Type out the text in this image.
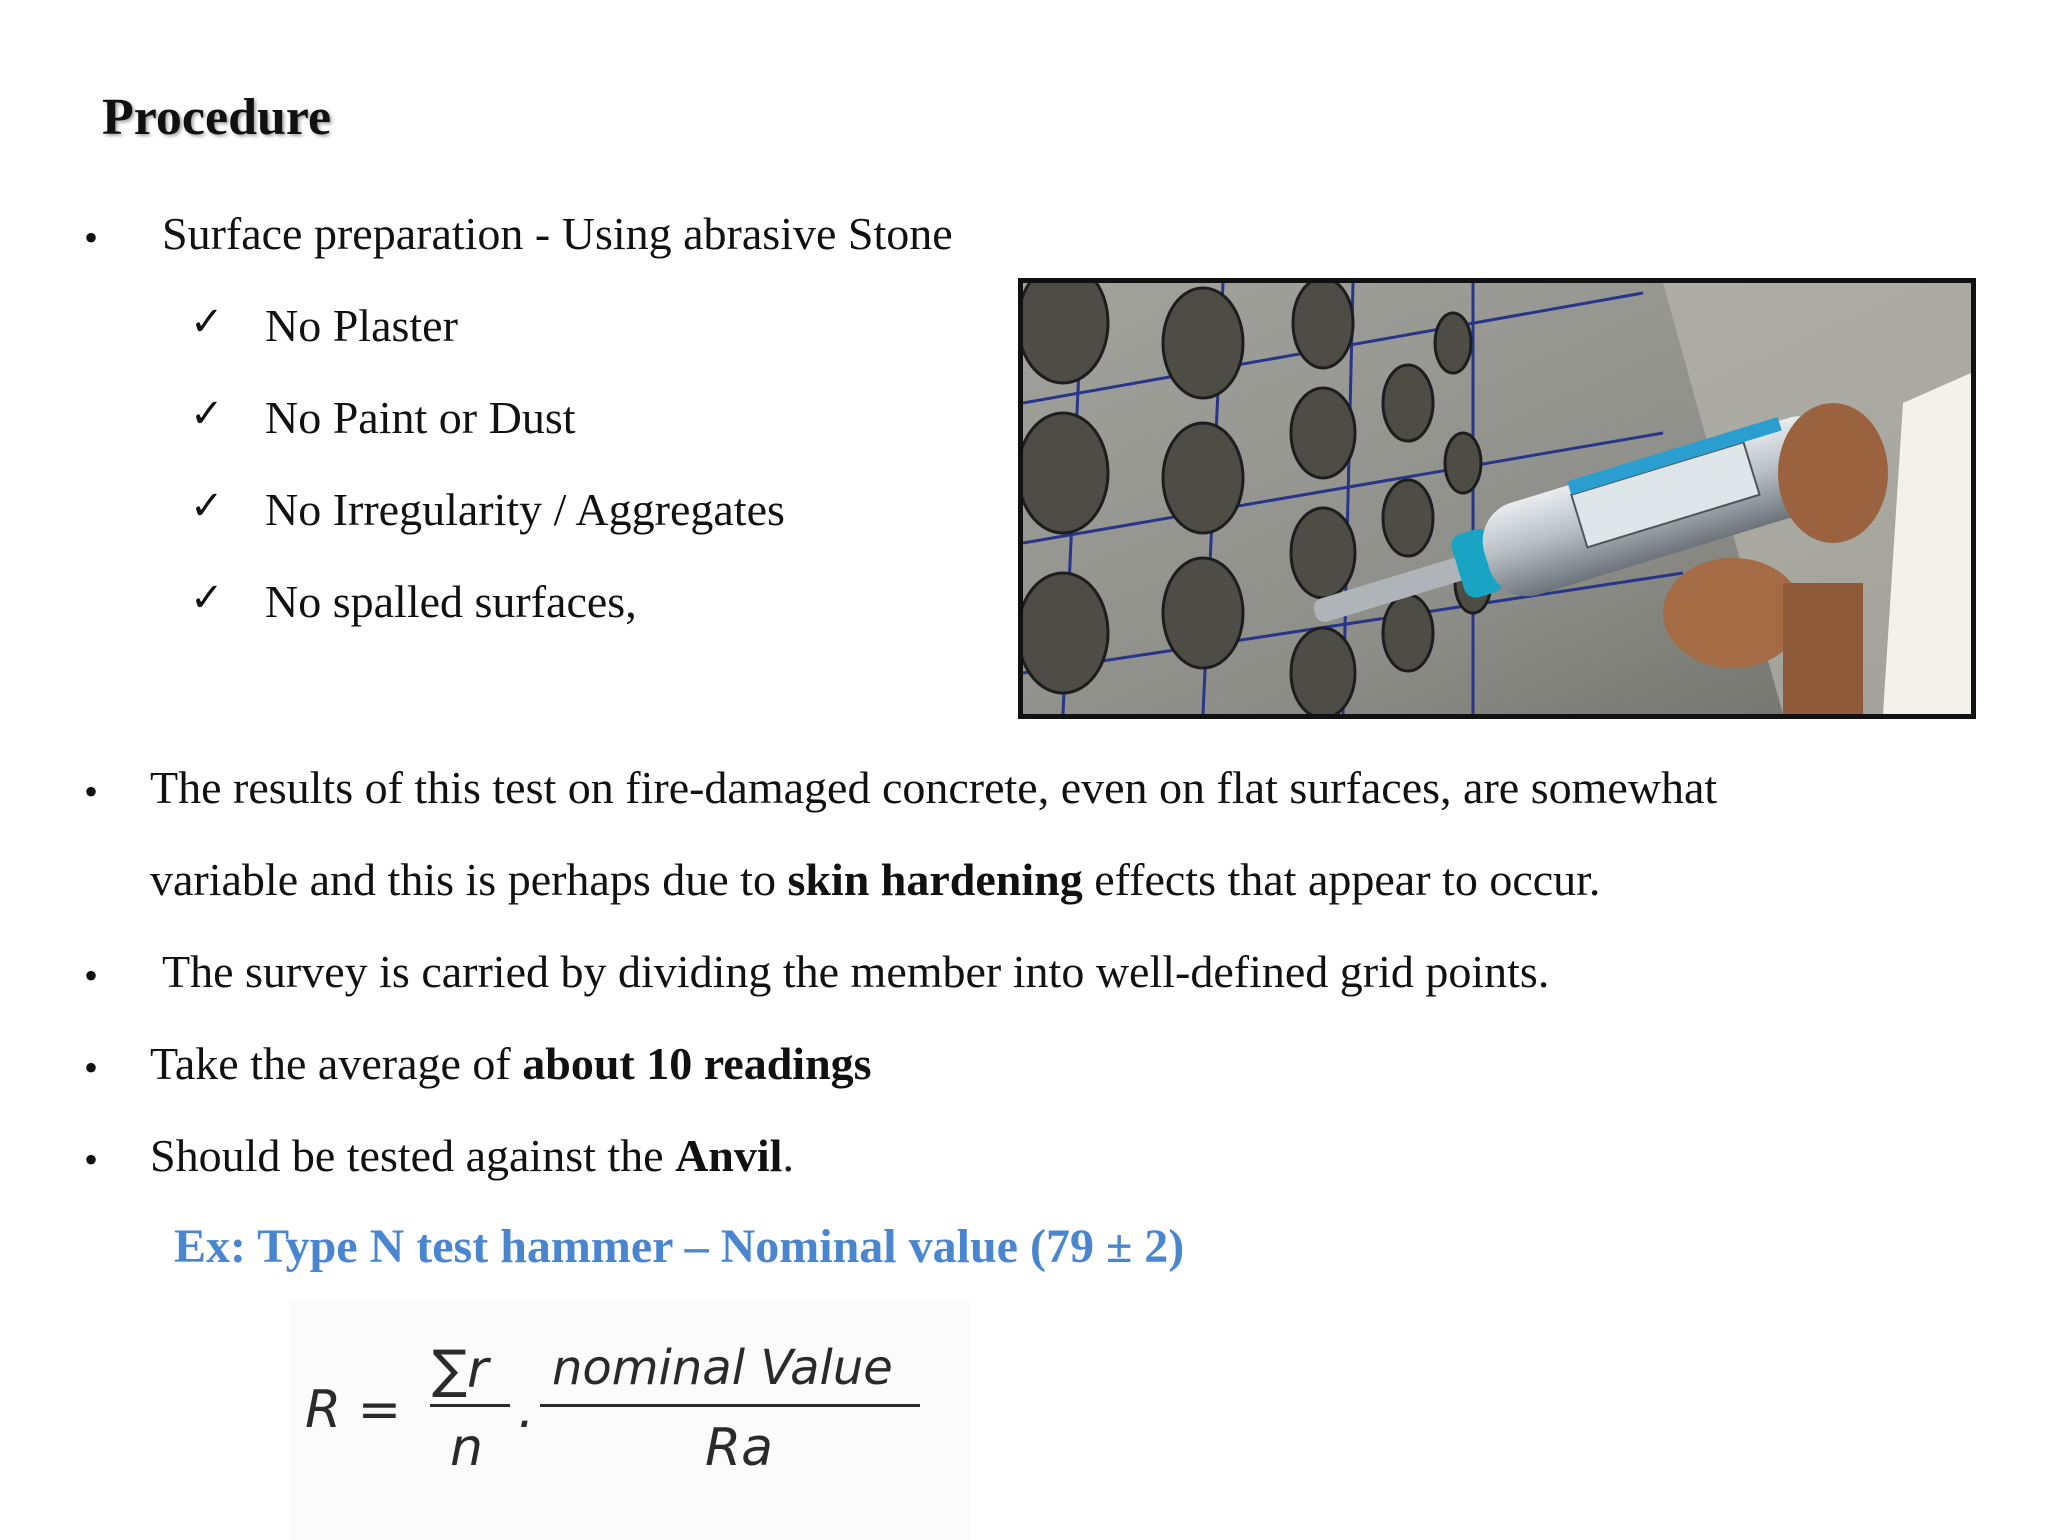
Procedure
• Surface preparation - Using abrasive Stone
✓ No Plaster
✓ No Paint or Dust
✓ No Irregularity / Aggregates
✓ No spalled surfaces,
• The results of this test on fire-damaged concrete, even on flat surfaces, are somewhat
variable and this is perhaps due to skin hardening effects that appear to occur.
• The survey is carried by dividing the member into well-defined grid points.
• Take the average of about 10 readings
• Should be tested against the Anvil.
Ex: Type N test hammer – Nominal value (79 ± 2)
R =
∑r
n
.
nominal Value
Ra
